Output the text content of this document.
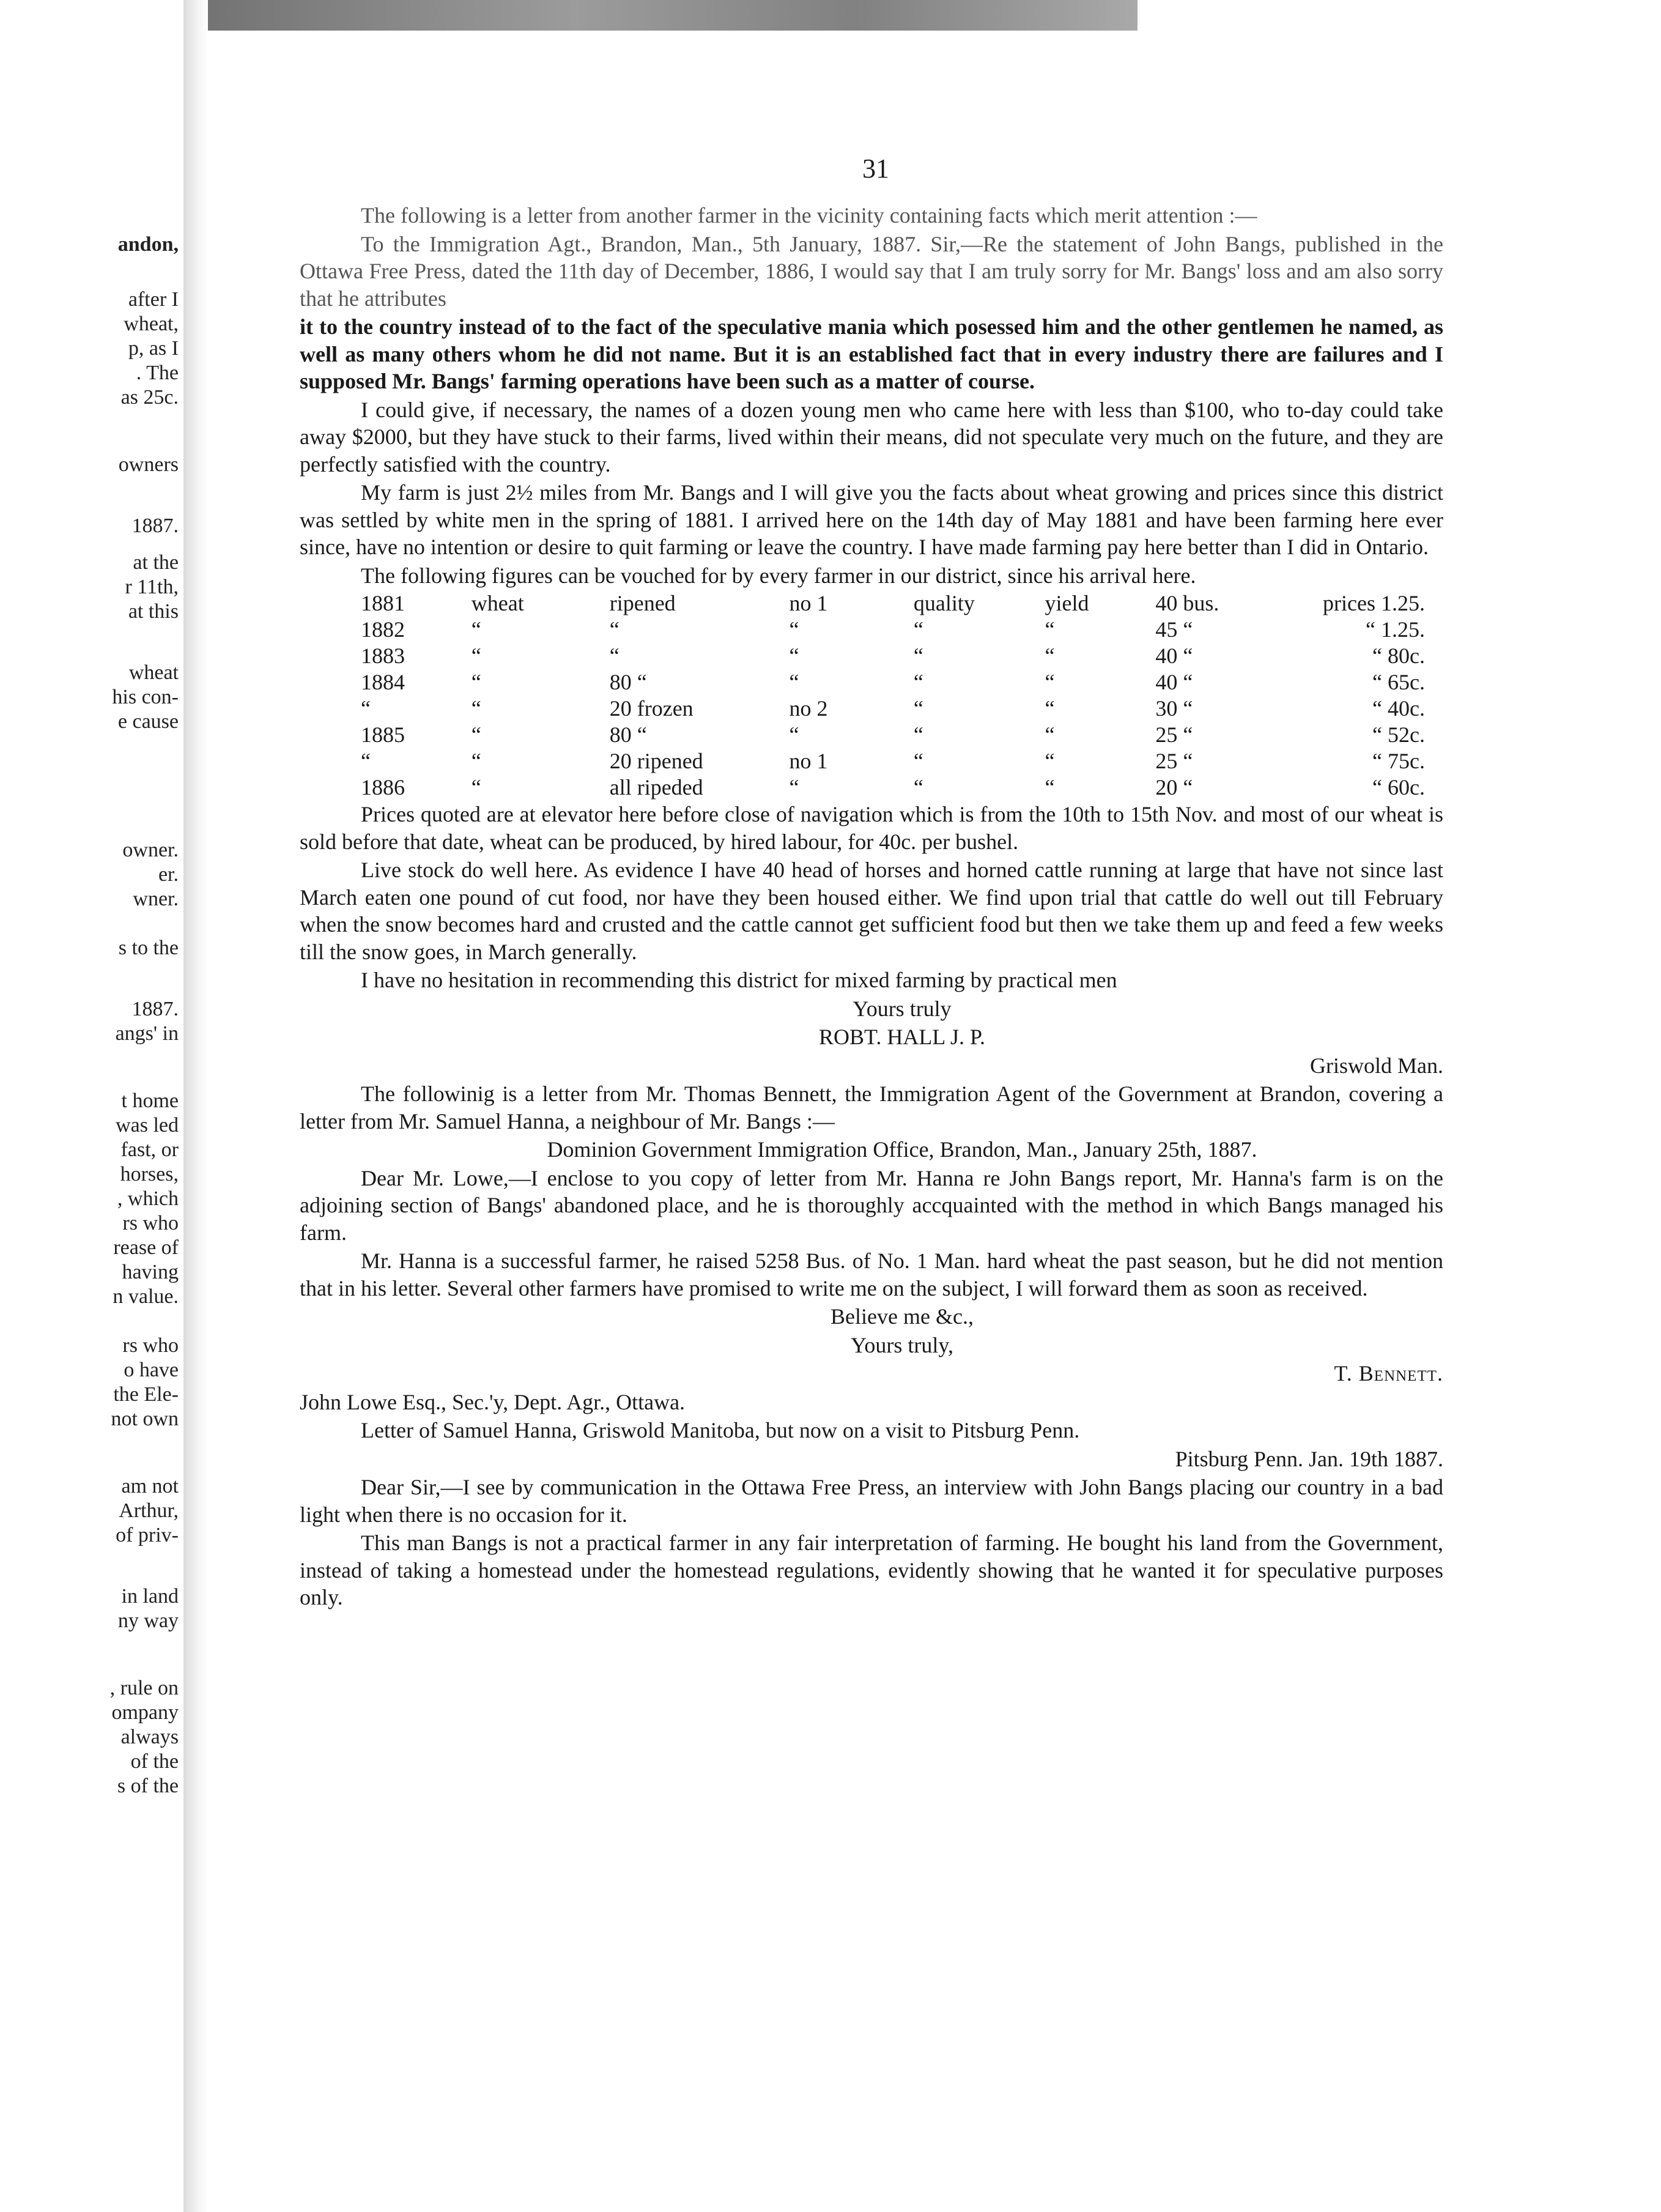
andon,
after I
wheat,
p, as I
. The
as 25c.
owners
1887.
at the
r 11th,
at this
wheat
his con-
e cause
owner.
er.
wner.
s to the
1887.
angs' in
t home
was led
fast, or
horses,
, which
rs who
rease of
having
n value.
rs who
o have
the Ele-
not own
am not
Arthur,
of priv-
in land
ny way
, rule on
ompany
always
of the
s of the
31

The following is a letter from another farmer in the vicinity containing facts which merit attention :—

To the Immigration Agt., Brandon, Man., 5th January, 1887. Sir,—Re the statement of John Bangs, published in the Ottawa Free Press, dated the 11th day of December, 1886, I would say that I am truly sorry for Mr. Bangs' loss and am also sorry that he attributes

it to the country instead of to the fact of the speculative mania which posessed him and the other gentlemen he named, as well as many others whom he did not name. But it is an established fact that in every industry there are failures and I supposed Mr. Bangs' farming operations have been such as a matter of course.

I could give, if necessary, the names of a dozen young men who came here with less than $100, who to-day could take away $2000, but they have stuck to their farms, lived within their means, did not speculate very much on the future, and they are perfectly satisfied with the country.

My farm is just 2½ miles from Mr. Bangs and I will give you the facts about wheat growing and prices since this district was settled by white men in the spring of 1881. I arrived here on the 14th day of May 1881 and have been farming here ever since, have no intention or desire to quit farming or leave the country. I have made farming pay here better than I did in Ontario.

The following figures can be vouched for by every farmer in our district, since his arrival here.

1881	wheat	ripened	no 1	quality	yield	40 bus.	prices 1.25.
1882	“	“	“	“	“	45 “	“ 1.25.
1883	“	“	“	“	“	40 “	“ 80c.
1884	“	80 “	“	“	“	40 “	“ 65c.
“	“	20 frozen	no 2	“	“	30 “	“ 40c.
1885	“	80 “	“	“	“	25 “	“ 52c.
“	“	20 ripened	no 1	“	“	25 “	“ 75c.
1886	“	all ripeded	“	“	“	20 “	“ 60c.

Prices quoted are at elevator here before close of navigation which is from the 10th to 15th Nov. and most of our wheat is sold before that date, wheat can be produced, by hired labour, for 40c. per bushel.

Live stock do well here. As evidence I have 40 head of horses and horned cattle running at large that have not since last March eaten one pound of cut food, nor have they been housed either. We find upon trial that cattle do well out till February when the snow becomes hard and crusted and the cattle cannot get sufficient food but then we take them up and feed a few weeks till the snow goes, in March generally.

I have no hesitation in recommending this district for mixed farming by practical men

Yours truly

ROBT. HALL J. P.

Griswold Man.

The followinig is a letter from Mr. Thomas Bennett, the Immigration Agent of the Government at Brandon, covering a letter from Mr. Samuel Hanna, a neighbour of Mr. Bangs :—

Dominion Government Immigration Office, Brandon, Man., January 25th, 1887.

Dear Mr. Lowe,—I enclose to you copy of letter from Mr. Hanna re John Bangs report, Mr. Hanna's farm is on the adjoining section of Bangs' abandoned place, and he is thoroughly accquainted with the method in which Bangs managed his farm.

Mr. Hanna is a successful farmer, he raised 5258 Bus. of No. 1 Man. hard wheat the past season, but he did not mention that in his letter. Several other farmers have promised to write me on the subject, I will forward them as soon as received.

Believe me &c.,

Yours truly,

T. Bennett.

John Lowe Esq., Sec.'y, Dept. Agr., Ottawa.

Letter of Samuel Hanna, Griswold Manitoba, but now on a visit to Pitsburg Penn.

Pitsburg Penn. Jan. 19th 1887.

Dear Sir,—I see by communication in the Ottawa Free Press, an interview with John Bangs placing our country in a bad light when there is no occasion for it.

This man Bangs is not a practical farmer in any fair interpretation of farming. He bought his land from the Government, instead of taking a homestead under the homestead regulations, evidently showing that he wanted it for speculative purposes only.
